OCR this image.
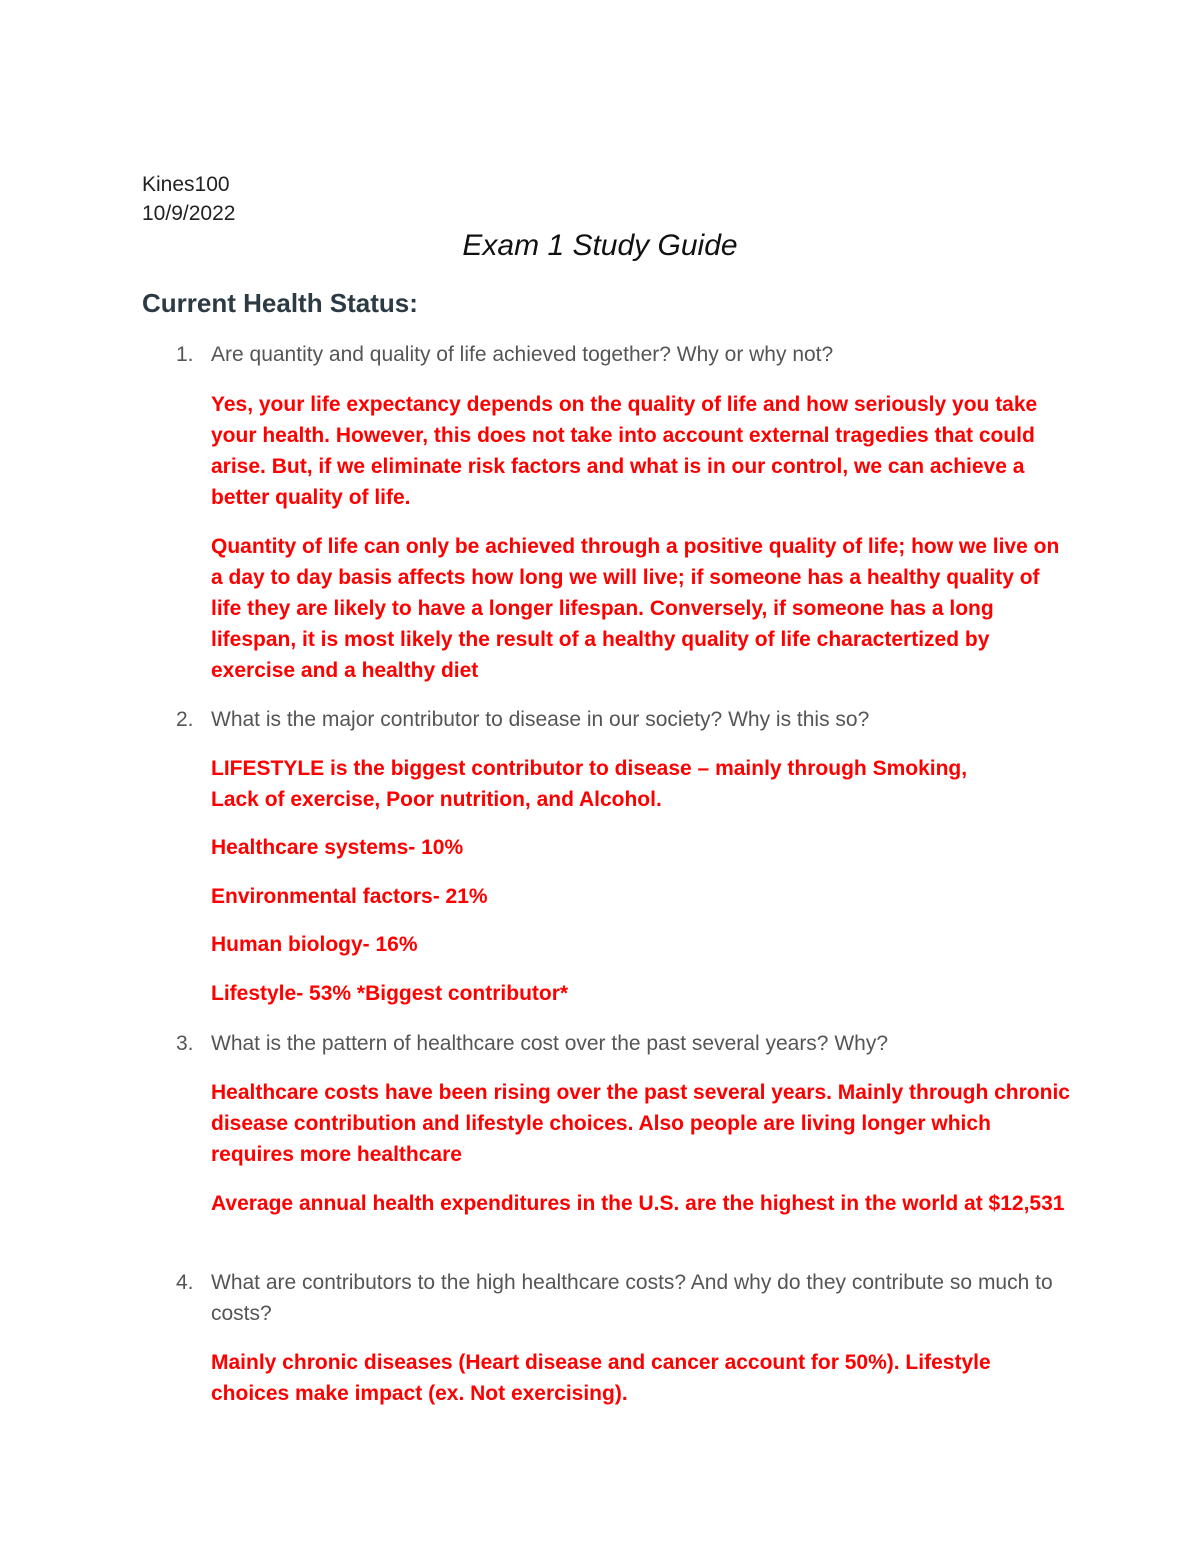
Kines100

10/9/2022

Exam 1 Study Guide
Current Health Status:
1. Are quantity and quality of life achieved together? Why or why not?

Yes, your life expectancy depends on the quality of life and how seriously you take your health. However, this does not take into account external tragedies that could arise. But, if we eliminate risk factors and what is in our control, we can achieve a better quality of life.

Quantity of life can only be achieved through a positive quality of life; how we live on a day to day basis affects how long we will live; if someone has a healthy quality of life they are likely to have a longer lifespan. Conversely, if someone has a long lifespan, it is most likely the result of a healthy quality of life charactertized by exercise and a healthy diet

2. What is the major contributor to disease in our society? Why is this so?

LIFESTYLE is the biggest contributor to disease – mainly through Smoking, Lack of exercise, Poor nutrition, and Alcohol.

Healthcare systems- 10%

Environmental factors- 21%

Human biology- 16%

Lifestyle- 53% *Biggest contributor*

3. What is the pattern of healthcare cost over the past several years? Why?

Healthcare costs have been rising over the past several years. Mainly through chronic disease contribution and lifestyle choices. Also people are living longer which requires more healthcare

Average annual health expenditures in the U.S. are the highest in the world at $12,531

4. What are contributors to the high healthcare costs? And why do they contribute so much to costs?

Mainly chronic diseases (Heart disease and cancer account for 50%). Lifestyle choices make impact (ex. Not exercising).
